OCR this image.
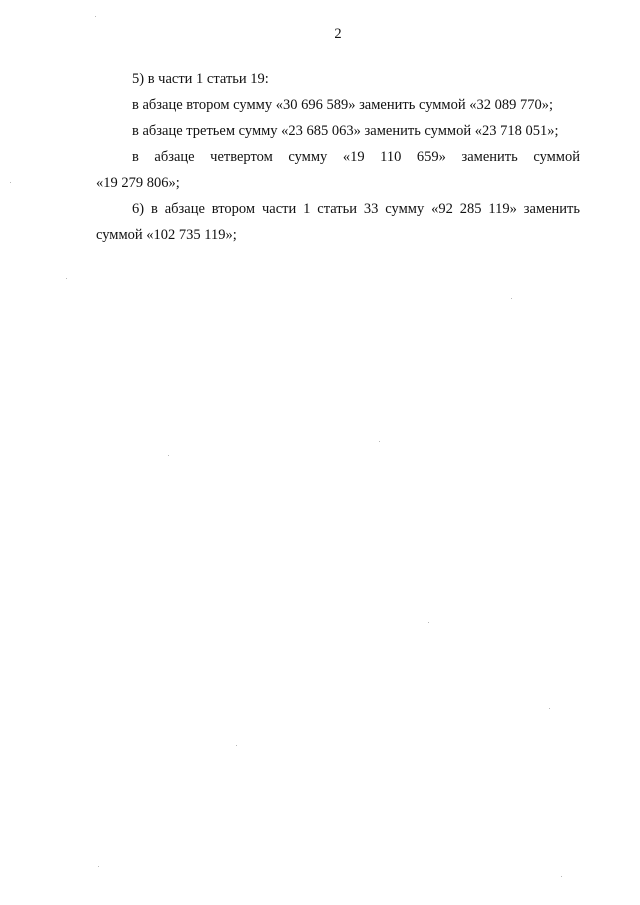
2

5) в части 1 статьи 19:

в абзаце втором сумму «30 696 589» заменить суммой «32 089 770»;

в абзаце третьем сумму «23 685 063» заменить суммой «23 718 051»;

в абзаце четвертом сумму «19 110 659» заменить суммой
«19 279 806»;

6) в абзаце втором части 1 статьи 33 сумму «92 285 119» заменить
суммой «102 735 119»;
